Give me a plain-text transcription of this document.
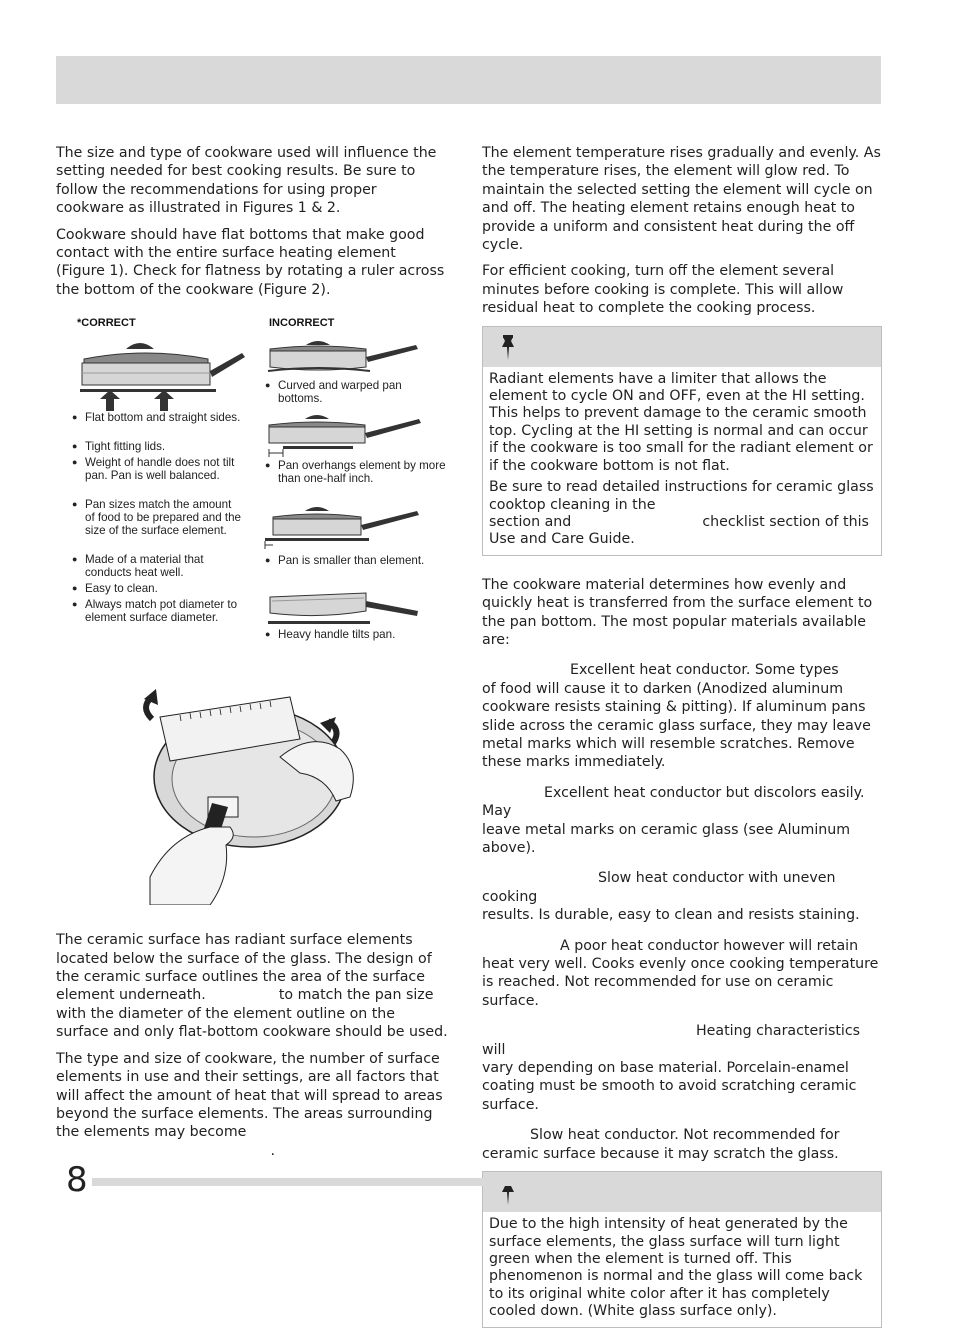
The size and type of cookware used will influence the setting needed for best cooking results. Be sure to follow the recommendations for using proper cookware as illustrated in Figures 1 & 2.

Cookware should have flat bottoms that make good contact with the entire surface heating element (Figure 1). Check for flatness by rotating a ruler across the bottom of the cookware (Figure 2).

*CORRECT	INCORRECT
● Curved and warped pan bottoms.
● Pan overhangs element by more than one-half inch.
● Pan is smaller than element.
● Heavy handle tilts pan.
● Flat bottom and straight sides.
● Tight fitting lids.
● Weight of handle does not tilt pan. Pan is well balanced.
● Pan sizes match the amount of food to be prepared and the size of the surface element.
● Made of a material that conducts heat well.
● Easy to clean.
● Always match pot diameter to element surface diameter.

The ceramic surface has radiant surface elements located below the surface of the glass. The design of the ceramic surface outlines the area of the surface element underneath.	to match the pan size with the diameter of the element outline on the surface and only flat-bottom cookware should be used.

The type and size of cookware, the number of surface elements in use and their settings, are all factors that will affect the amount of heat that will spread to areas beyond the surface elements. The areas surrounding the elements may become  .

The element temperature rises gradually and evenly. As the temperature rises, the element will glow red. To maintain the selected setting the element will cycle on and off. The heating element retains enough heat to provide a uniform and consistent heat during the off cycle.

For efficient cooking, turn off the element several minutes before cooking is complete. This will allow residual heat to complete the cooking process.

Radiant elements have a limiter that allows the element to cycle ON and OFF, even at the HI setting. This helps to prevent damage to the ceramic smooth top. Cycling at the HI setting is normal and can occur if the cookware is too small for the radiant element or if the cookware bottom is not flat.

Be sure to read detailed instructions for ceramic glass cooktop cleaning in the
section and	checklist section of this Use and Care Guide.

The cookware material determines how evenly and quickly heat is transferred from the surface element to the pan bottom. The most popular materials available are:

Excellent heat conductor. Some types
of food will cause it to darken (Anodized aluminum cookware resists staining & pitting). If aluminum pans slide across the ceramic glass surface, they may leave metal marks which will resemble scratches. Remove these marks immediately.

Excellent heat conductor but discolors easily. May
leave metal marks on ceramic glass (see Aluminum above).

Slow heat conductor with uneven cooking
results. Is durable, easy to clean and resists staining.

A poor heat conductor however will retain
heat very well. Cooks evenly once cooking temperature is reached. Not recommended for use on ceramic surface.

Heating characteristics will
vary depending on base material. Porcelain-enamel coating must be smooth to avoid scratching ceramic surface.

Slow heat conductor. Not recommended for
ceramic surface because it may scratch the glass.

Due to the high intensity of heat generated by the surface elements, the glass surface will turn light green when the element is turned off. This phenomenon is normal and the glass will come back to its original white color after it has completely cooled down. (White glass surface only).

8
